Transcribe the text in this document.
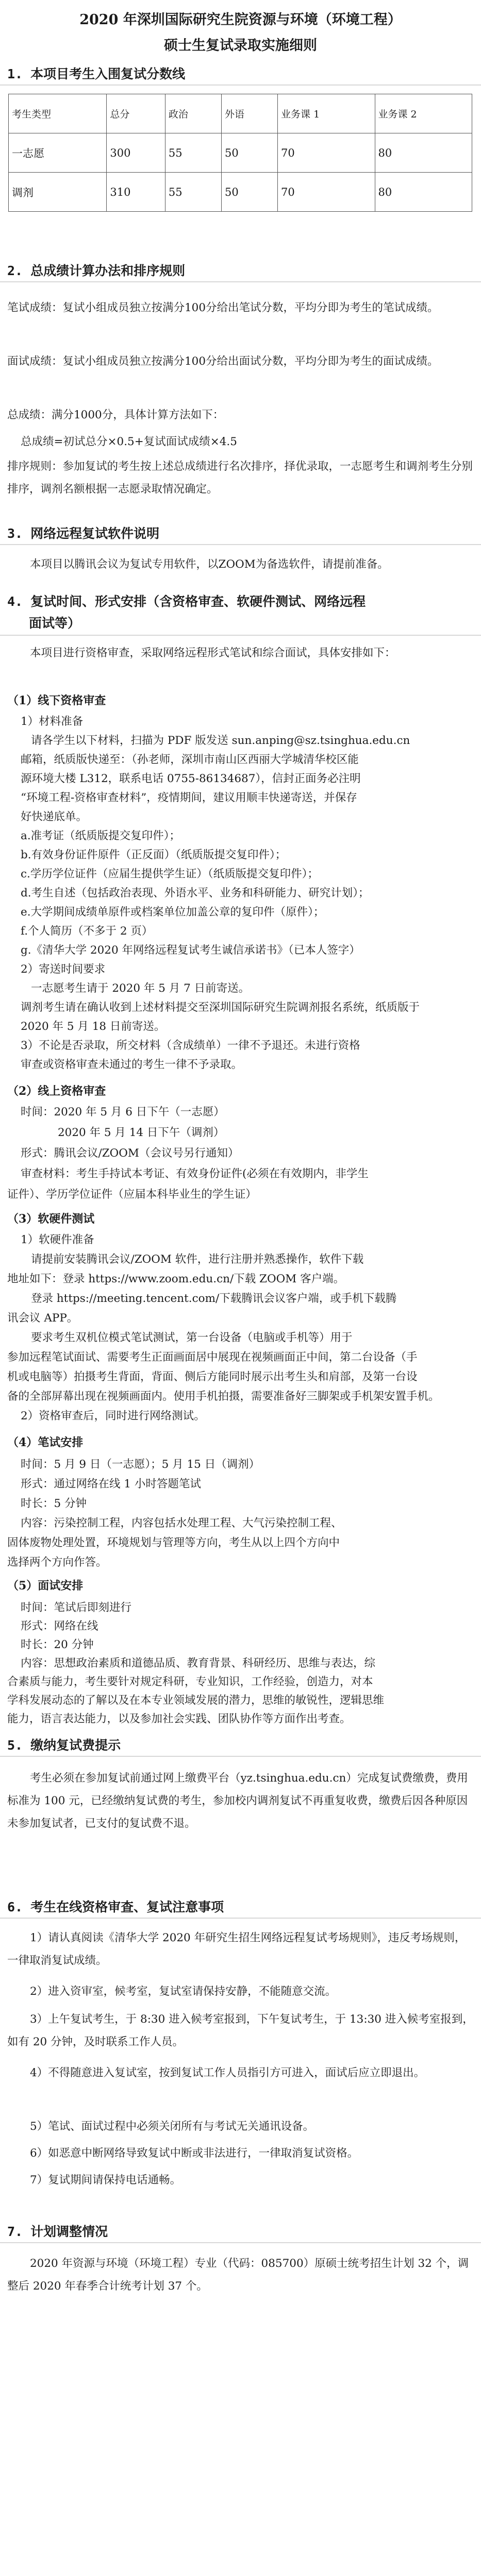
2020 年深圳国际研究生院资源与环境（环境工程）
硕士生复试录取实施细则
1. 本项目考生入围复试分数线
考生类型	总分	政治	外语	业务课 1	业务课 2
一志愿	300	55	50	70	80
调剂	310	55	50	70	80
2. 总成绩计算办法和排序规则
笔试成绩：复试小组成员独立按满分100分给出笔试分数，平均分即为考生的笔试成绩。
面试成绩：复试小组成员独立按满分100分给出面试分数，平均分即为考生的面试成绩。
总成绩：满分1000分，具体计算方法如下：
总成绩=初试总分×0.5+复试面试成绩×4.5
排序规则：参加复试的考生按上述总成绩进行名次排序，择优录取，一志愿考生和调剂考生分别排序，调剂名额根据一志愿录取情况确定。
3. 网络远程复试软件说明
本项目以腾讯会议为复试专用软件，以ZOOM为备选软件，请提前准备。
4. 复试时间、形式安排（含资格审查、软硬件测试、网络远程
面试等）
本项目进行资格审查，采取网络远程形式笔试和综合面试，具体安排如下：
（1）线下资格审查
1）材料准备
请各学生以下材料，扫描为 PDF 版发送 sun.anping@sz.tsinghua.edu.cn
邮箱，纸质版快递至：（孙老师，深圳市南山区西丽大学城清华校区能
源环境大楼 L312，联系电话 0755-86134687），信封正面务必注明
“环境工程-资格审查材料”，疫情期间，建议用顺丰快递寄送，并保存
好快递底单。
a.准考证（纸质版提交复印件）；
b.有效身份证件原件（正反面）（纸质版提交复印件）；
c.学历学位证件（应届生提供学生证）（纸质版提交复印件）；
d.考生自述（包括政治表现、外语水平、业务和科研能力、研究计划）；
e.大学期间成绩单原件或档案单位加盖公章的复印件（原件）；
f.个人简历（不多于 2 页）
g.《清华大学 2020 年网络远程复试考生诚信承诺书》（已本人签字）
2）寄送时间要求
一志愿考生请于 2020 年 5 月 7 日前寄送。
调剂考生请在确认收到上述材料提交至深圳国际研究生院调剂报名系统，纸质版于
2020 年 5 月 18 日前寄送。
3）不论是否录取，所交材料（含成绩单）一律不予退还。未进行资格
审查或资格审查未通过的考生一律不予录取。
（2）线上资格审查
时间：2020 年 5 月 6 日下午（一志愿）
2020 年 5 月 14 日下午（调剂）
形式：腾讯会议/ZOOM（会议号另行通知）
审查材料：考生手持试本考证、有效身份证件(必须在有效期内，非学生
证件）、学历学位证件（应届本科毕业生的学生证）
（3）软硬件测试
1）软硬件准备
请提前安装腾讯会议/ZOOM 软件，进行注册并熟悉操作，软件下载
地址如下：登录 https://www.zoom.edu.cn/下载 ZOOM 客户端。
登录 https://meeting.tencent.com/下载腾讯会议客户端，或手机下载腾
讯会议 APP。
要求考生双机位模式笔试测试，第一台设备（电脑或手机等）用于
参加远程笔试面试、需要考生正面画面居中展现在视频画面正中间，第二台设备（手
机或电脑等）拍摄考生背面，背面、侧后方能同时展示出考生头和肩部，及第一台设
备的全部屏幕出现在视频画面内。使用手机拍摄，需要准备好三脚架或手机架安置手机。
2）资格审查后，同时进行网络测试。
（4）笔试安排
时间：5 月 9 日（一志愿）；5 月 15 日（调剂）
形式：通过网络在线 1 小时答题笔试
时长：5 分钟
内容：污染控制工程，内容包括水处理工程、大气污染控制工程、
固体废物处理处置，环境规划与管理等方向，考生从以上四个方向中
选择两个方向作答。
（5）面试安排
时间：笔试后即刻进行
形式：网络在线
时长：20 分钟
内容：思想政治素质和道德品质、教育背景、科研经历、思维与表达，综
合素质与能力，考生要针对规定科研，专业知识，工作经验，创造力，对本
学科发展动态的了解以及在本专业领域发展的潜力，思维的敏锐性，逻辑思维
能力，语言表达能力，以及参加社会实践、团队协作等方面作出考查。
5. 缴纳复试费提示
考生必须在参加复试前通过网上缴费平台（yz.tsinghua.edu.cn）完成复试费缴费，费用标准为 100 元，已经缴纳复试费的考生，参加校内调剂复试不再重复收费，缴费后因各种原因未参加复试者，已支付的复试费不退。
6. 考生在线资格审查、复试注意事项
1）请认真阅读《清华大学 2020 年研究生招生网络远程复试考场规则》，违反考场规则，一律取消复试成绩。
2）进入资审室，候考室，复试室请保持安静，不能随意交流。
3）上午复试考生，于 8:30 进入候考室报到，下午复试考生，于 13:30 进入候考室报到，如有 20 分钟，及时联系工作人员。
4）不得随意进入复试室，按到复试工作人员指引方可进入，面试后应立即退出。
5）笔试、面试过程中必须关闭所有与考试无关通讯设备。
6）如恶意中断网络导致复试中断或非法进行，一律取消复试资格。
7）复试期间请保持电话通畅。
7. 计划调整情况
2020 年资源与环境（环境工程）专业（代码：085700）原硕士统考招生计划 32 个，调整后 2020 年春季合计统考计划 37 个。
